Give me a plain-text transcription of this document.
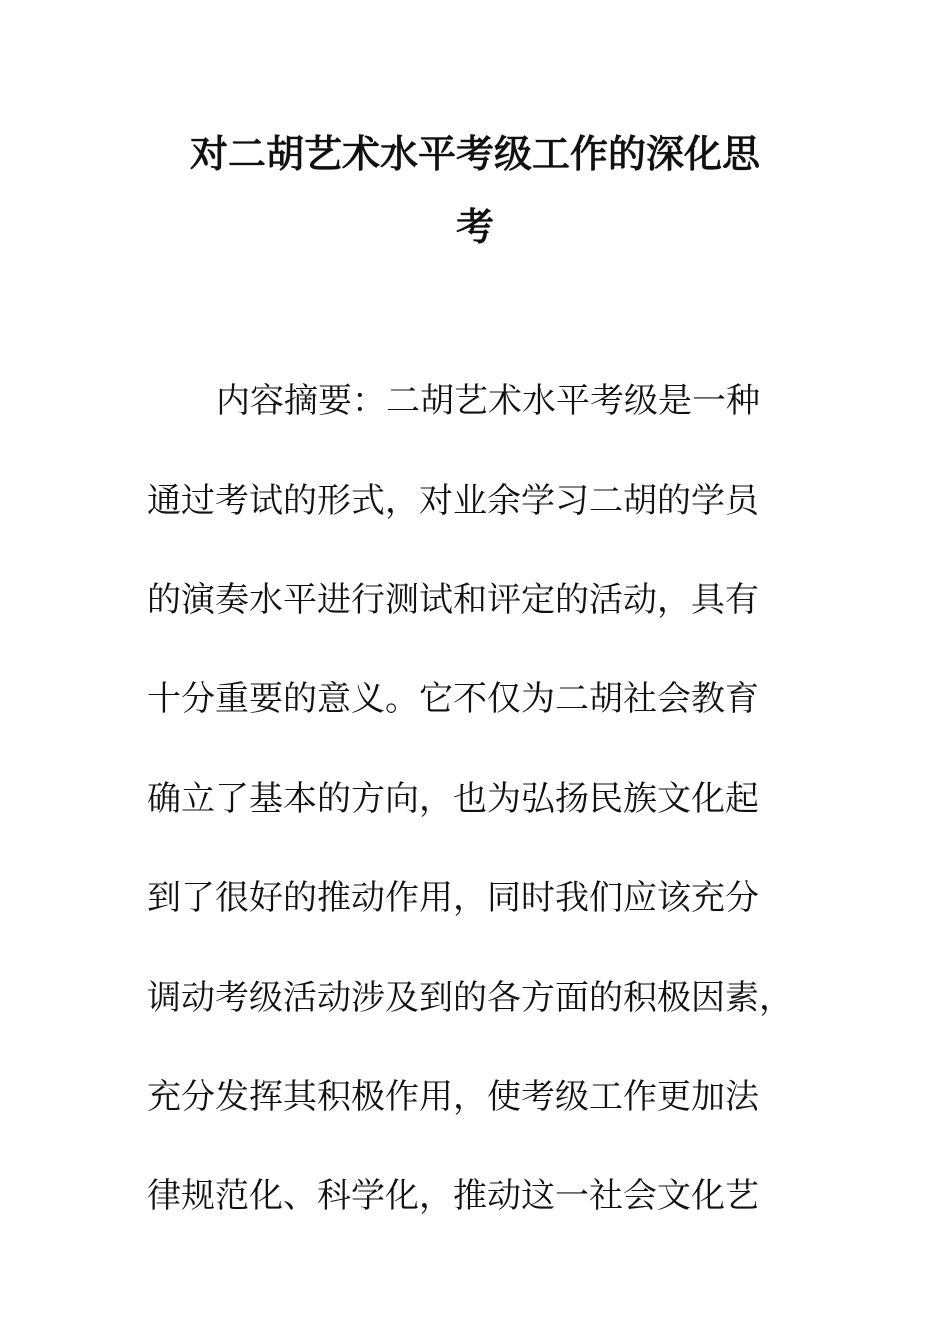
对二胡艺术水平考级工作的深化思
考
内容摘要：二胡艺术水平考级是一种
通过考试的形式，对业余学习二胡的学员
的演奏水平进行测试和评定的活动，具有
十分重要的意义。它不仅为二胡社会教育
确立了基本的方向，也为弘扬民族文化起
到了很好的推动作用，同时我们应该充分
调动考级活动涉及到的各方面的积极因素，
充分发挥其积极作用，使考级工作更加法
律规范化、科学化，推动这一社会文化艺
